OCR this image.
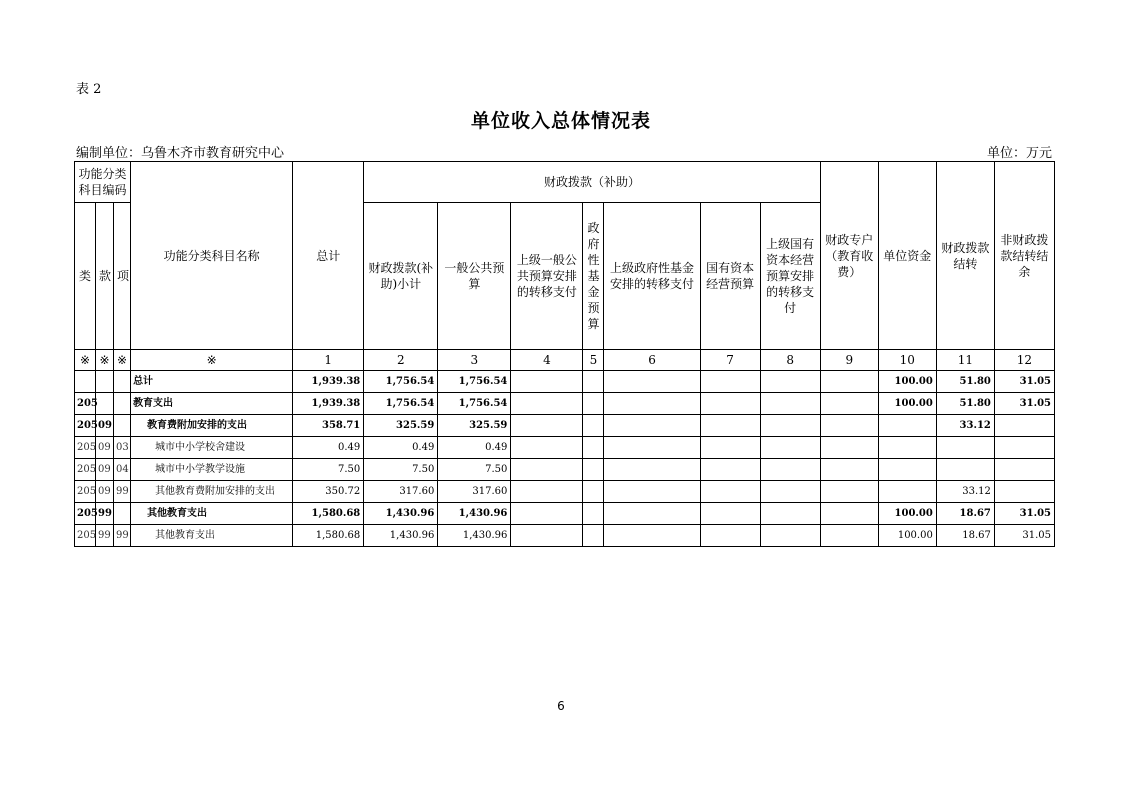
表 2
单位收入总体情况表
编制单位：乌鲁木齐市教育研究中心	单位：万元
功能分类科目编码			功能分类科目名称	总计	财政拨款（补助）							财政专户（教育收费）	单位资金	财政拨款结转	非财政拨款结转结余
类	款	项			财政拨款(补助)小计	一般公共预算	上级一般公共预算安排的转移支付	政府性基金预算	上级政府性基金安排的转移支付	国有资本经营预算	上级国有资本经营预算安排的转移支付				
※	※	※	※	1	2	3	4	5	6	7	8	9	10	11	12
			总计	1,939.38	1,756.54	1,756.54							100.00	51.80	31.05
205			教育支出	1,939.38	1,756.54	1,756.54							100.00	51.80	31.05
205	09		教育费附加安排的支出	358.71	325.59	325.59								33.12	
205	09	03	城市中小学校舍建设	0.49	0.49	0.49									
205	09	04	城市中小学教学设施	7.50	7.50	7.50									
205	09	99	其他教育费附加安排的支出	350.72	317.60	317.60								33.12	
205	99		其他教育支出	1,580.68	1,430.96	1,430.96							100.00	18.67	31.05
205	99	99	其他教育支出	1,580.68	1,430.96	1,430.96							100.00	18.67	31.05
6
